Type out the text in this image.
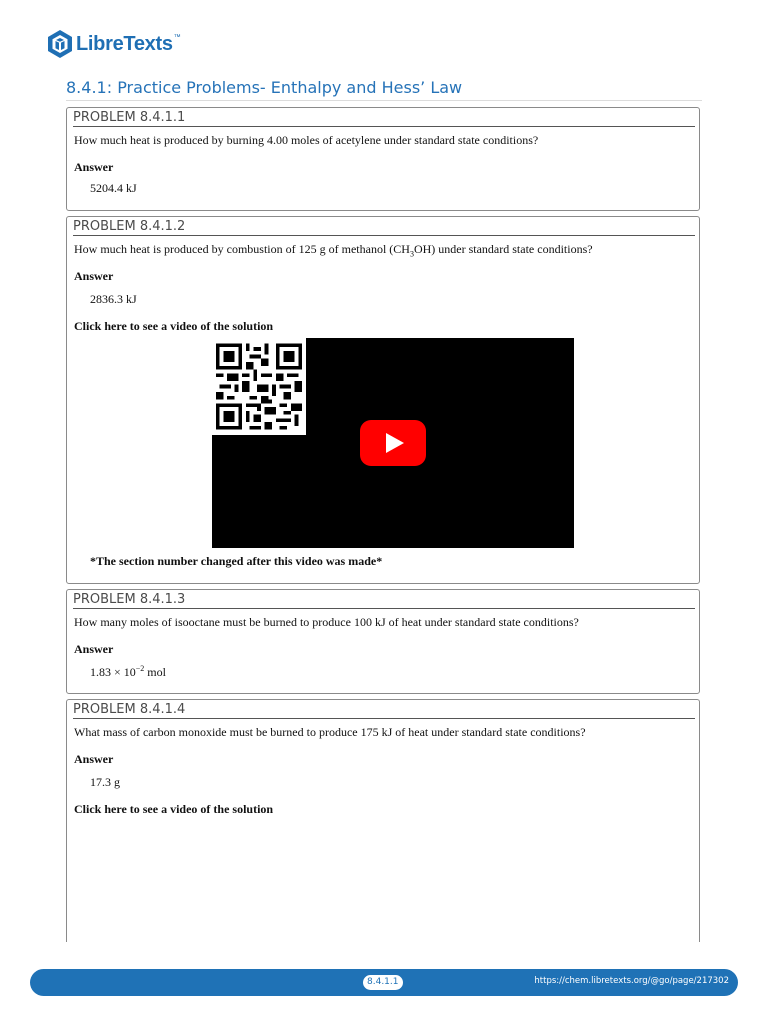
LibreTexts ™
8.4.1: Practice Problems- Enthalpy and Hess’ Law
PROBLEM 8.4.1.1
How much heat is produced by burning 4.00 moles of acetylene under standard state conditions?
Answer
5204.4 kJ
PROBLEM 8.4.1.2
How much heat is produced by combustion of 125 g of methanol $(CH_3OH)$ under standard state conditions?
Answer
2836.3 kJ
Click here to see a video of the solution
*The section number changed after this video was made*
PROBLEM 8.4.1.3
How many moles of isooctane must be burned to produce 100 kJ of heat under standard state conditions?
Answer
$1.83 \times 10^{-2}$ mol
PROBLEM 8.4.1.4
What mass of carbon monoxide must be burned to produce 175 kJ of heat under standard state conditions?
Answer
17.3 g
Click here to see a video of the solution
8.4.1.1	https://chem.libretexts.org/@go/page/217302
